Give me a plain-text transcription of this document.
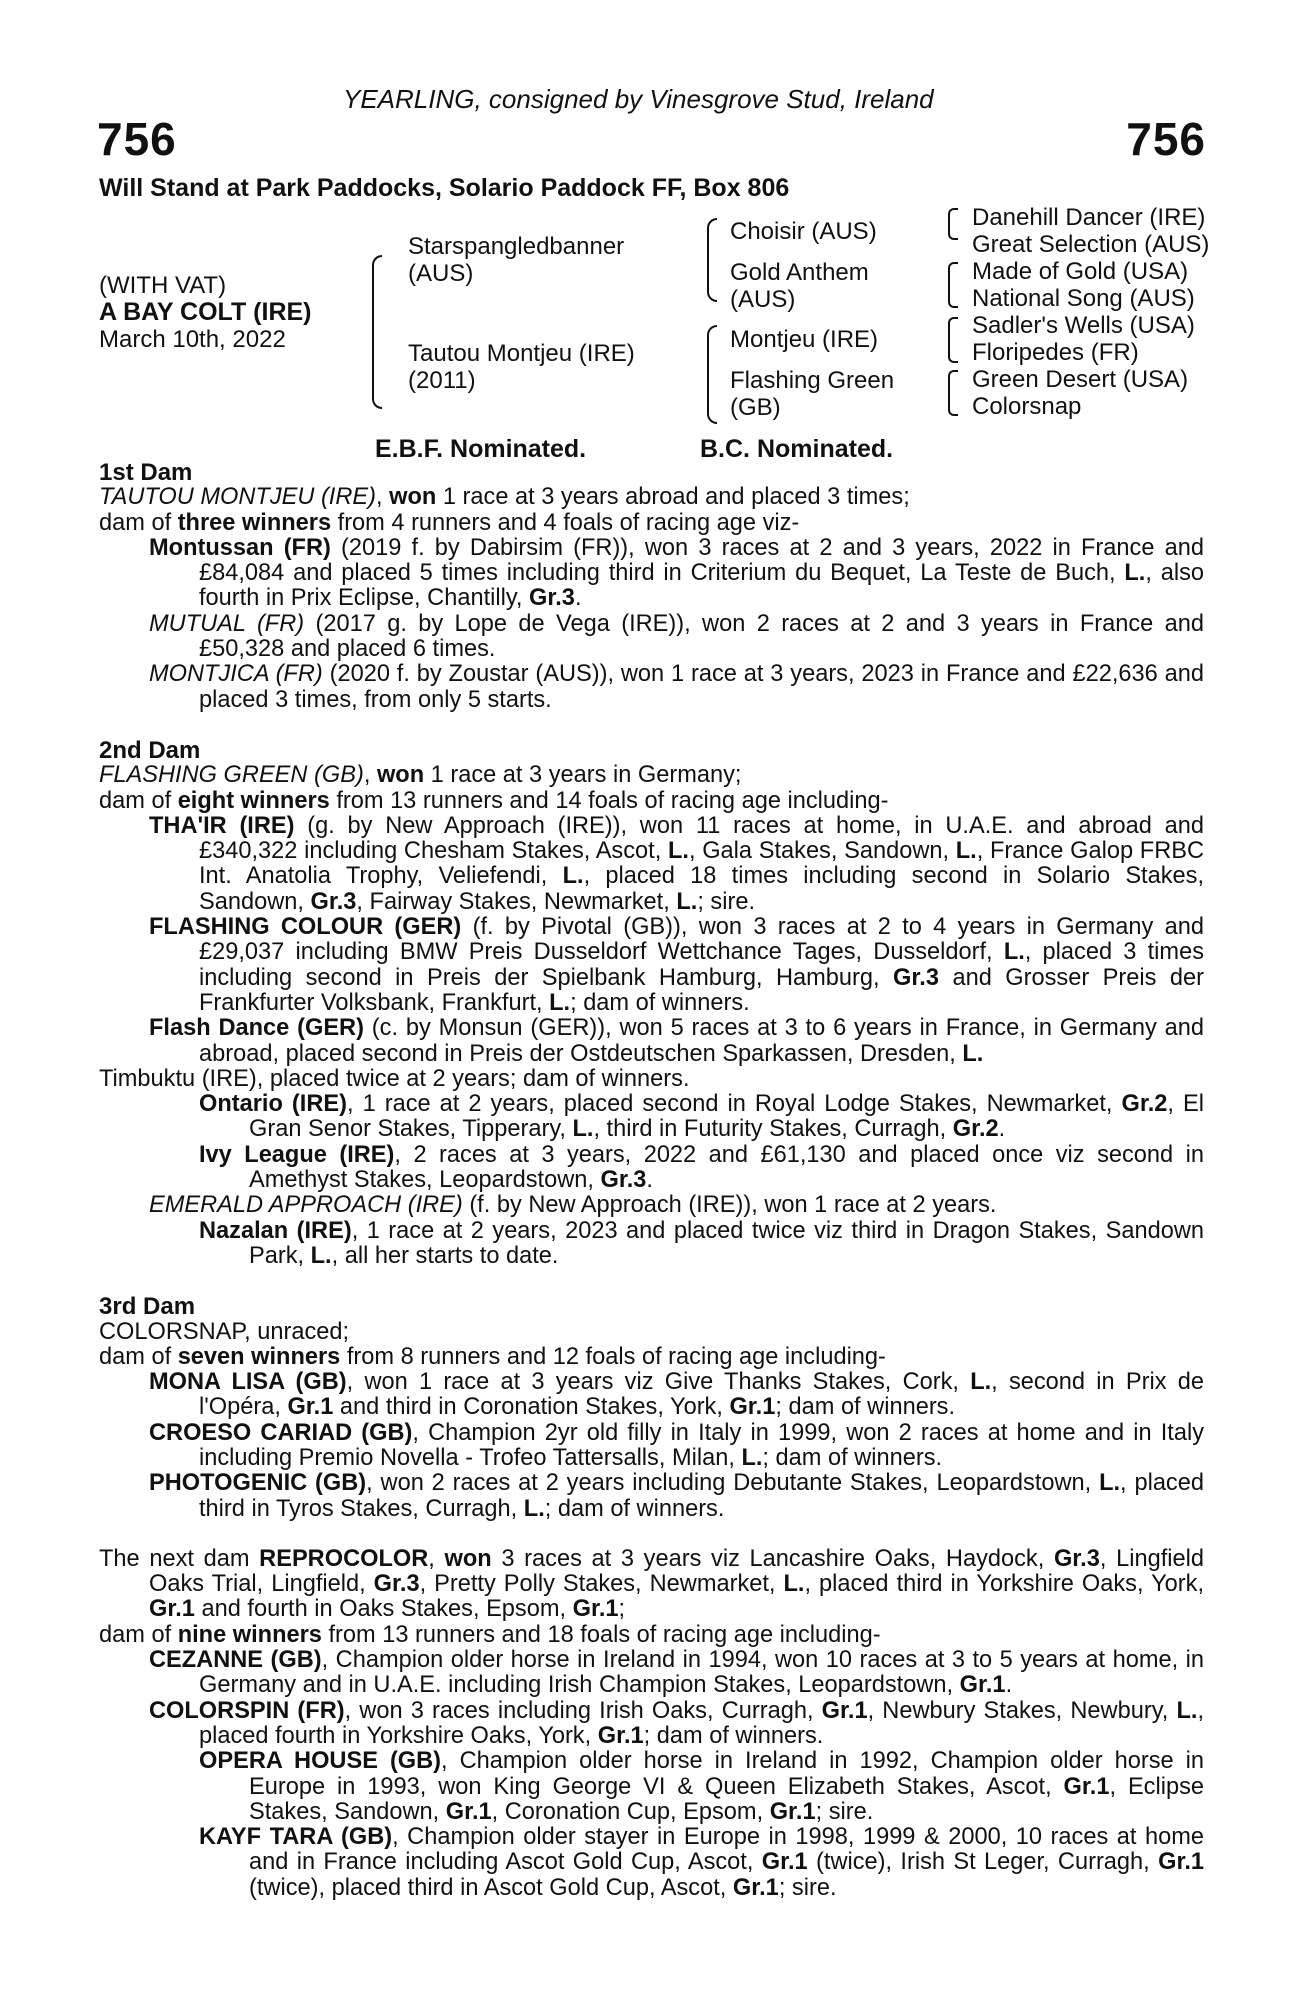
YEARLING, consigned by Vinesgrove Stud, Ireland
756	756
Will Stand at Park Paddocks, Solario Paddock FF, Box 806
(WITH VAT)
A BAY COLT (IRE)
March 10th, 2022
Starspangledbanner
(AUS)
Tautou Montjeu (IRE)
(2011)
Choisir (AUS)
Gold Anthem
(AUS)
Montjeu (IRE)
Flashing Green
(GB)
Danehill Dancer (IRE)
Great Selection (AUS)
Made of Gold (USA)
National Song (AUS)
Sadler's Wells (USA)
Floripedes (FR)
Green Desert (USA)
Colorsnap
E.B.F. Nominated.	B.C. Nominated.
1st Dam

TAUTOU MONTJEU (IRE), won 1 race at 3 years abroad and placed 3 times;

dam of three winners from 4 runners and 4 foals of racing age viz-

Montussan (FR) (2019 f. by Dabirsim (FR)), won 3 races at 2 and 3 years, 2022 in France and £84,084 and placed 5 times including third in Criterium du Bequet, La Teste de Buch, L., also fourth in Prix Eclipse, Chantilly, Gr.3.

MUTUAL (FR) (2017 g. by Lope de Vega (IRE)), won 2 races at 2 and 3 years in France and £50,328 and placed 6 times.

MONTJICA (FR) (2020 f. by Zoustar (AUS)), won 1 race at 3 years, 2023 in France and £22,636 and placed 3 times, from only 5 starts.

2nd Dam

FLASHING GREEN (GB), won 1 race at 3 years in Germany;

dam of eight winners from 13 runners and 14 foals of racing age including-

THA'IR (IRE) (g. by New Approach (IRE)), won 11 races at home, in U.A.E. and abroad and £340,322 including Chesham Stakes, Ascot, L., Gala Stakes, Sandown, L., France Galop FRBC Int. Anatolia Trophy, Veliefendi, L., placed 18 times including second in Solario Stakes, Sandown, Gr.3, Fairway Stakes, Newmarket, L.; sire.

FLASHING COLOUR (GER) (f. by Pivotal (GB)), won 3 races at 2 to 4 years in Germany and £29,037 including BMW Preis Dusseldorf Wettchance Tages, Dusseldorf, L., placed 3 times including second in Preis der Spielbank Hamburg, Hamburg, Gr.3 and Grosser Preis der Frankfurter Volksbank, Frankfurt, L.; dam of winners.

Flash Dance (GER) (c. by Monsun (GER)), won 5 races at 3 to 6 years in France, in Germany and abroad, placed second in Preis der Ostdeutschen Sparkassen, Dresden, L.

Timbuktu (IRE), placed twice at 2 years; dam of winners.

Ontario (IRE), 1 race at 2 years, placed second in Royal Lodge Stakes, Newmarket, Gr.2, El Gran Senor Stakes, Tipperary, L., third in Futurity Stakes, Curragh, Gr.2.

Ivy League (IRE), 2 races at 3 years, 2022 and £61,130 and placed once viz second in Amethyst Stakes, Leopardstown, Gr.3.

EMERALD APPROACH (IRE) (f. by New Approach (IRE)), won 1 race at 2 years.

Nazalan (IRE), 1 race at 2 years, 2023 and placed twice viz third in Dragon Stakes, Sandown Park, L., all her starts to date.

3rd Dam

COLORSNAP, unraced;

dam of seven winners from 8 runners and 12 foals of racing age including-

MONA LISA (GB), won 1 race at 3 years viz Give Thanks Stakes, Cork, L., second in Prix de l'Opéra, Gr.1 and third in Coronation Stakes, York, Gr.1; dam of winners.

CROESO CARIAD (GB), Champion 2yr old filly in Italy in 1999, won 2 races at home and in Italy including Premio Novella - Trofeo Tattersalls, Milan, L.; dam of winners.

PHOTOGENIC (GB), won 2 races at 2 years including Debutante Stakes, Leopardstown, L., placed third in Tyros Stakes, Curragh, L.; dam of winners.

The next dam REPROCOLOR, won 3 races at 3 years viz Lancashire Oaks, Haydock, Gr.3, Lingfield Oaks Trial, Lingfield, Gr.3, Pretty Polly Stakes, Newmarket, L., placed third in Yorkshire Oaks, York, Gr.1 and fourth in Oaks Stakes, Epsom, Gr.1;

dam of nine winners from 13 runners and 18 foals of racing age including-

CEZANNE (GB), Champion older horse in Ireland in 1994, won 10 races at 3 to 5 years at home, in Germany and in U.A.E. including Irish Champion Stakes, Leopardstown, Gr.1.

COLORSPIN (FR), won 3 races including Irish Oaks, Curragh, Gr.1, Newbury Stakes, Newbury, L., placed fourth in Yorkshire Oaks, York, Gr.1; dam of winners.

OPERA HOUSE (GB), Champion older horse in Ireland in 1992, Champion older horse in Europe in 1993, won King George VI & Queen Elizabeth Stakes, Ascot, Gr.1, Eclipse Stakes, Sandown, Gr.1, Coronation Cup, Epsom, Gr.1; sire.

KAYF TARA (GB), Champion older stayer in Europe in 1998, 1999 & 2000, 10 races at home and in France including Ascot Gold Cup, Ascot, Gr.1 (twice), Irish St Leger, Curragh, Gr.1 (twice), placed third in Ascot Gold Cup, Ascot, Gr.1; sire.
